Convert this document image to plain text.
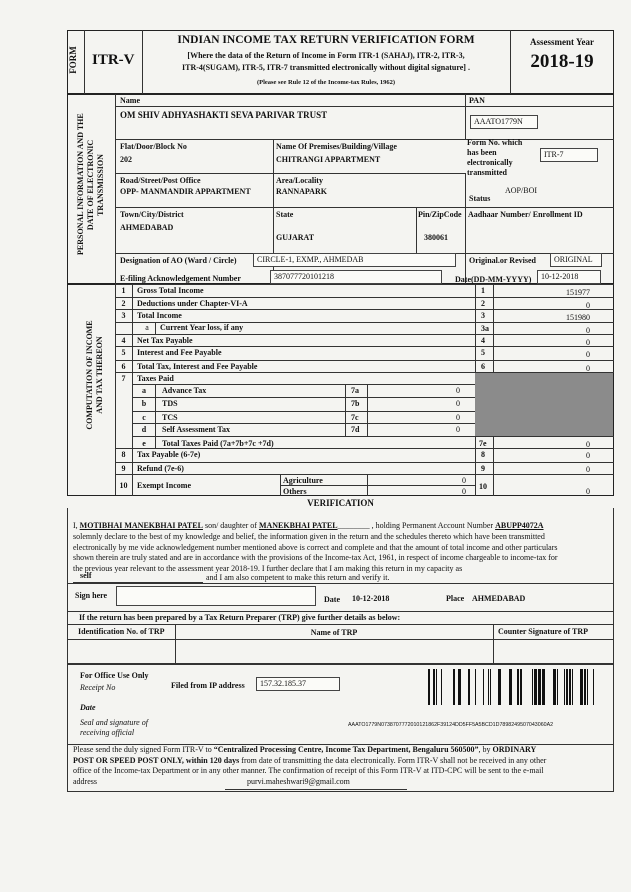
FORM ITR-V
INDIAN INCOME TAX RETURN VERIFICATION FORM
[Where the data of the Return of Income in Form ITR-1 (SAHAJ), ITR-2, ITR-3,
ITR-4(SUGAM), ITR-5, ITR-7 transmitted electronically without digital signature] .
(Please see Rule 12 of the Income-tax Rules, 1962)
Assessment Year
2018-19
PERSONAL INFORMATION AND THE DATE OF ELECTRONIC TRANSMISSION
Name	PAN
OM SHIV ADHYASHAKTI SEVA PARIVAR TRUST
AAATO1779N
Flat/Door/Block No
202
Name Of Premises/Building/Village
CHITRANGI APPARTMENT
Form No. which
has been
electronically
transmitted
ITR-7
Road/Street/Post Office
OPP- MANMANDIR APPARTMENT
Area/Locality
RANNAPARK
Status
AOP/BOI
Town/City/District
AHMEDABAD
State
GUJARAT
Pin/ZipCode
380061
Aadhaar Number/ Enrollment ID
Designation of AO (Ward / Circle)	CIRCLE-1, EXMP., AHMEDAB	Original.or Revised	ORIGINAL
E-filing Acknowledgement Number	387077720101218	Date(DD-MM-YYYY)	10-12-2018
COMPUTATION OF INCOME AND TAX THEREON
1	Gross Total Income	1	151977
2	Deductions under Chapter-VI-A	2	0
3	Total Income	3	151980
a	Current Year loss, if any	3a	0
4	Net Tax Payable	4	0
5	Interest and Fee Payable	5	0
6	Total Tax, Interest and Fee Payable	6	0
7	Taxes Paid
a	Advance Tax	7a	0
b	TDS	7b	0
c	TCS	7c	0
d	Self Assessment Tax	7d	0
e	Total Taxes Paid (7a+7b+7c +7d)	7e	0
8	Tax Payable (6-7e)	8	0
9	Refund (7e-6)	9	0
10	Exempt Income
Agriculture	0
Others	0
10
0
VERIFICATION
I, MOTIBHAI MANEKBHAI PATEL son/ daughter of MANEKBHAI PATEL________ , holding Permanent Account Number ABUPP4072A
solemnly declare to the best of my knowledge and belief, the information given in the return and the schedules thereto which have been transmitted
electronically by me vide acknowledgement number mentioned above is correct and complete and that the amount of total income and other particulars
shown therein are truly stated and are in accordance with the provisions of the Income-tax Act, 1961, in respect of income chargeable to income-tax for
the previous year relevant to the assessment year 2018-19. I further declare that I am making this return in my capacity as
self	and I am also competent to make this return and verify it.
Sign here	Date 10-12-2018	Place AHMEDABAD
If the return has been prepared by a Tax Return Preparer (TRP) give further details as below:
Identification No. of TRP	Name of TRP	Counter Signature of TRP
For Office Use Only
Receipt No
Date
Seal and signature of
receiving official
Filed from IP address	157.32.185.37
AAATO1779N0738707772010121862F39124DD5FF5A5BCD1D7898249507043060A2
Please send the duly signed Form ITR-V to “Centralized Processing Centre, Income Tax Department, Bengaluru 560500”, by ORDINARY
POST OR SPEED POST ONLY, within 120 days from date of transmitting the data electronically. Form ITR-V shall not be received in any other
office of the Income-tax Department or in any other manner. The confirmation of receipt of this Form ITR-V at ITD-CPC will be sent to the e-mail
address	purvi.maheshwari9@gmail.com
